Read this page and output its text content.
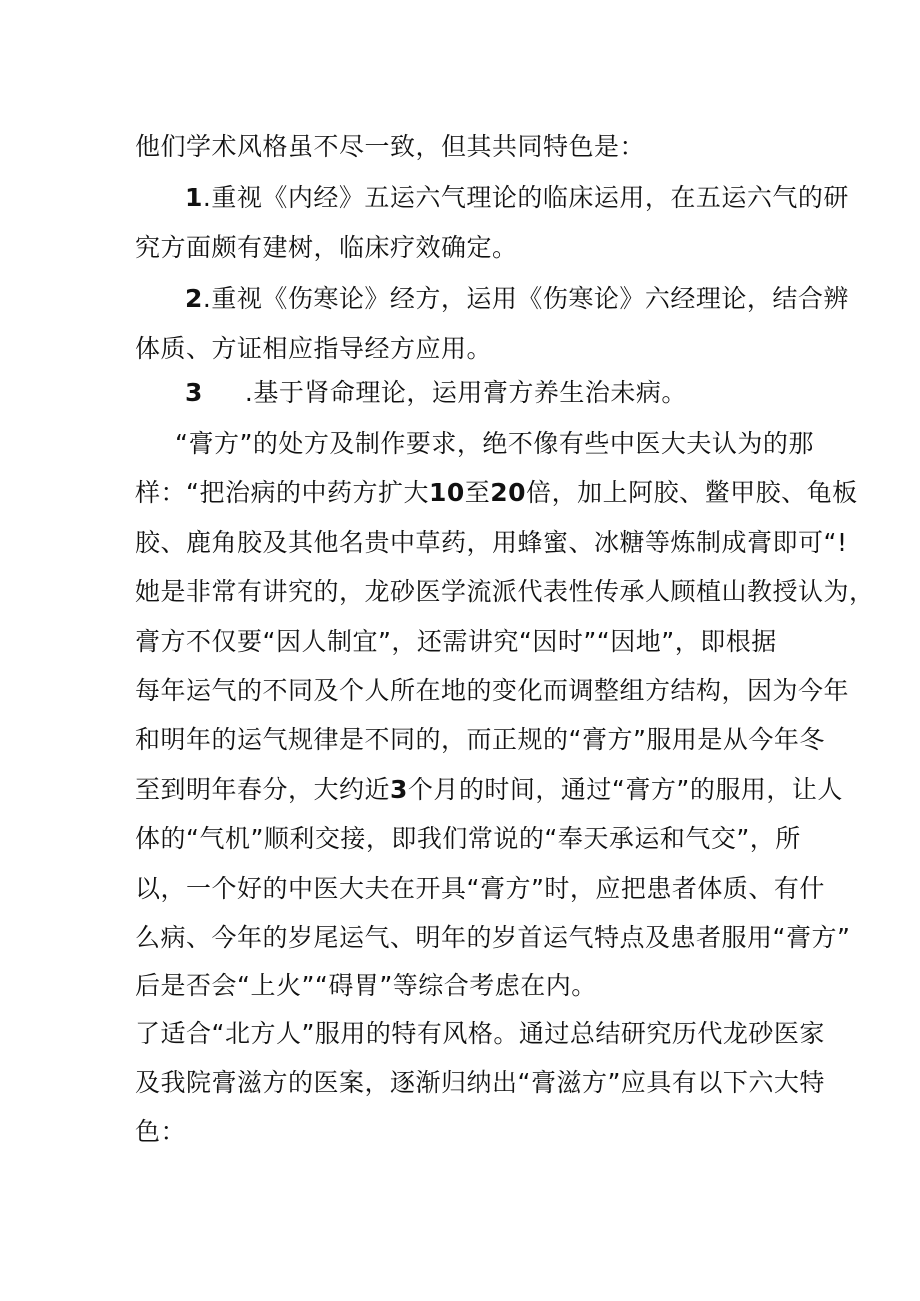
他们学术风格虽不尽一致，但其共同特色是：
1.重视《内经》五运六气理论的临床运用，在五运六气的研
究方面颇有建树，临床疗效确定。
2.重视《伤寒论》经方，运用《伤寒论》六经理论，结合辨
体质、方证相应指导经方应用。
3 .基于肾命理论，运用膏方养生治未病。
“膏方”的处方及制作要求，绝不像有些中医大夫认为的那
样：“把治病的中药方扩大10至20倍，加上阿胶、鳖甲胶、龟板
胶、鹿角胶及其他名贵中草药，用蜂蜜、冰糖等炼制成膏即可“!
她是非常有讲究的，龙砂医学流派代表性传承人顾植山教授认为，
膏方不仅要“因人制宜”，还需讲究“因时”“因地”，即根据
每年运气的不同及个人所在地的变化而调整组方结构，因为今年
和明年的运气规律是不同的，而正规的“膏方”服用是从今年冬
至到明年春分，大约近3个月的时间，通过“膏方”的服用，让人
体的“气机”顺利交接，即我们常说的“奉天承运和气交”，所
以，一个好的中医大夫在开具“膏方”时，应把患者体质、有什
么病、今年的岁尾运气、明年的岁首运气特点及患者服用“膏方”
后是否会“上火”“碍胃”等综合考虑在内。
了适合“北方人”服用的特有风格。通过总结研究历代龙砂医家
及我院膏滋方的医案，逐渐归纳出“膏滋方”应具有以下六大特
色：
